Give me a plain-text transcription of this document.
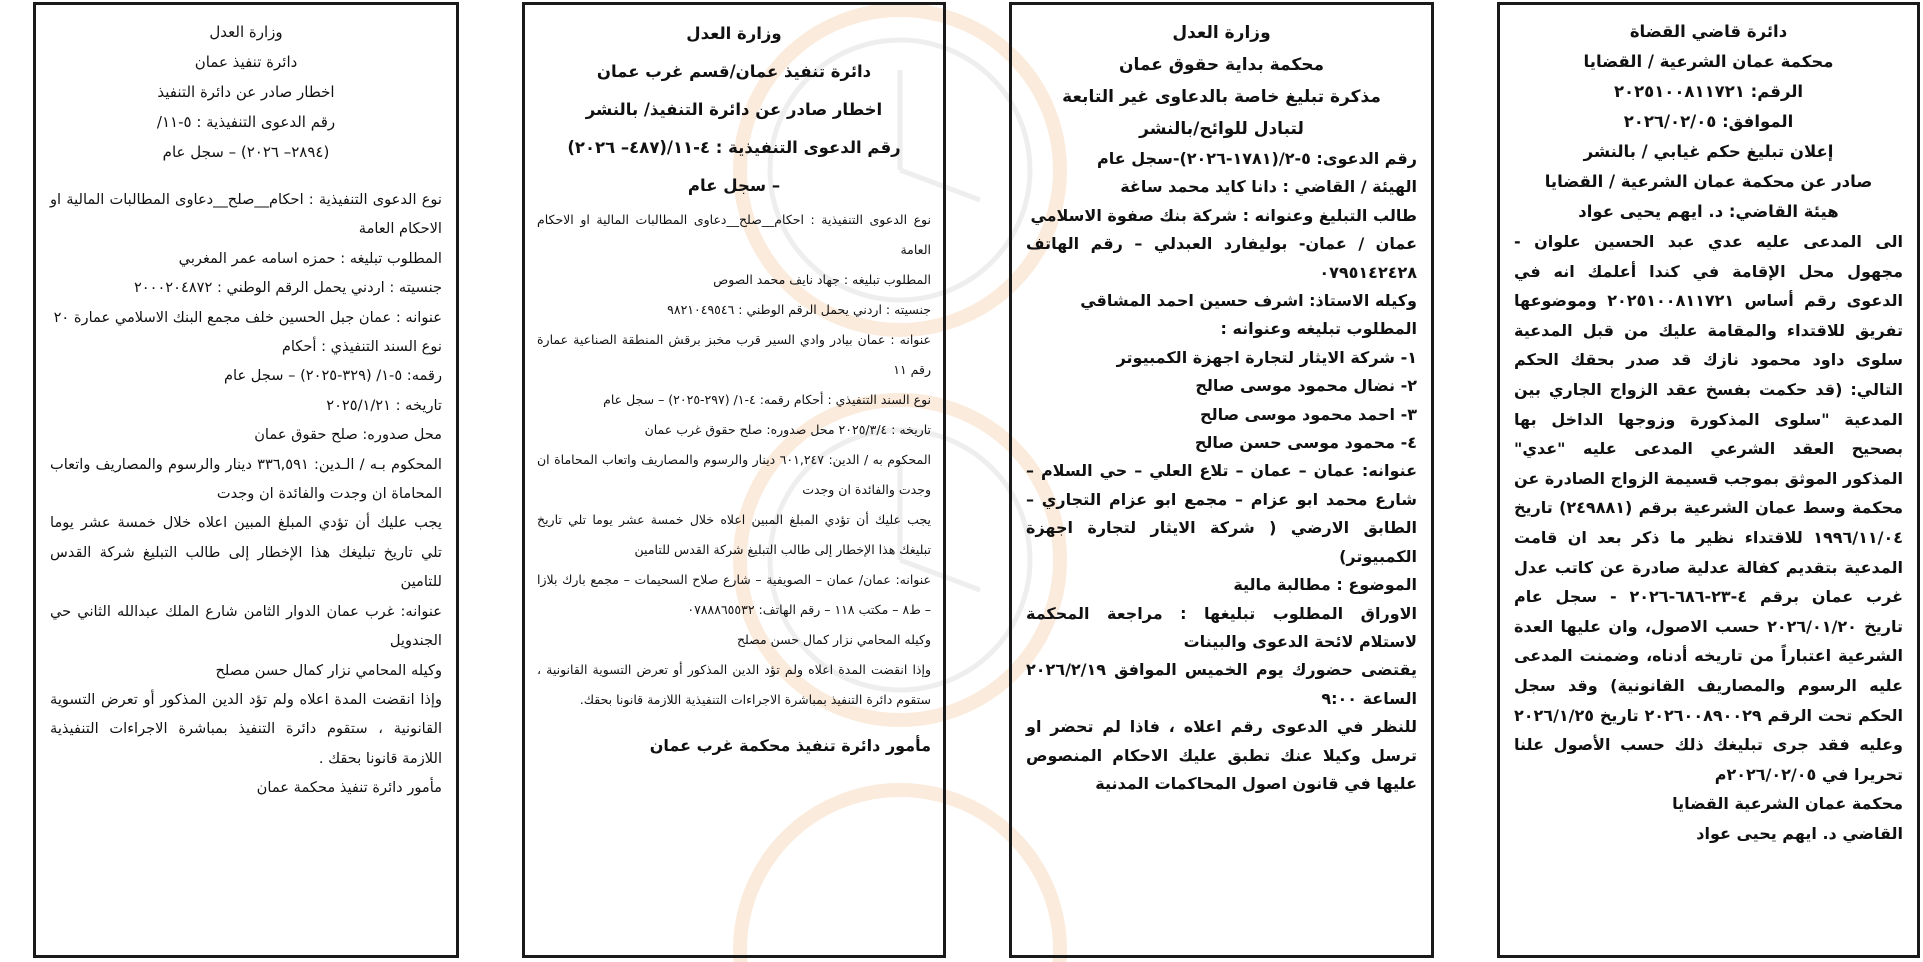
دائرة قاضي القضاة

محكمة عمان الشرعية / القضايا

الرقم: ٢٠٢٥١٠٠٨١١٧٢١

الموافق: ٢٠٢٦/٠٢/٠٥

إعلان تبليغ حكم غيابي / بالنشر

صادر عن محكمة عمان الشرعية / القضايا

هيئة القاضي: د. ايهم يحيى عواد

الى المدعى عليه عدي عبد الحسين علوان - مجهول محل الإقامة في كندا أعلمك انه في الدعوى رقم أساس ٢٠٢٥١٠٠٨١١٧٢١ وموضوعها تفريق للاقتداء والمقامة عليك من قبل المدعية سلوى داود محمود نازك قد صدر بحقك الحكم التالي: (قد حكمت بفسخ عقد الزواج الجاري بين المدعية "سلوى المذكورة وزوجها الداخل بها بصحيح العقد الشرعي المدعى عليه "عدي" المذكور الموثق بموجب قسيمة الزواج الصادرة عن محكمة وسط عمان الشرعية برقم (٢٤٩٨٨١) تاريخ ١٩٩٦/١١/٠٤ للاقتداء نظير ما ذكر بعد ان قامت المدعية بتقديم كفالة عدلية صادرة عن كاتب عدل غرب عمان برقم ٤-٢٣-٦٨٦-٢٠٢٦ - سجل عام تاريخ ٢٠٢٦/٠١/٢٠ حسب الاصول، وان عليها العدة الشرعية اعتباراً من تاريخه أدناه، وضمنت المدعى عليه الرسوم والمصاريف القانونية) وقد سجل الحكم تحت الرقم ٢٠٢٦٠٠٨٩٠٠٢٩ تاريخ ٢٠٢٦/١/٢٥ وعليه فقد جرى تبليغك ذلك حسب الأصول علنا تحريرا في ٢٠٢٦/٠٢/٠٥م

محكمة عمان الشرعية القضايا

القاضي د. ايهم يحيى عواد

وزارة العدل

محكمة بداية حقوق عمان

مذكرة تبليغ خاصة بالدعاوى غير التابعة

لتبادل للوائح/بالنشر

رقم الدعوى: ٥-٢/(١٧٨١-٢٠٢٦)-سجل عام

الهيئة / القاضي : دانا كايد محمد ساغة

طالب التبليغ وعنوانه : شركة بنك صفوة الاسلامي

عمان / عمان- بوليفارد العبدلي – رقم الهاتف ٠٧٩٥١٤٢٤٢٨

وكيله الاستاذ: اشرف حسين احمد المشاقي

المطلوب تبليغه وعنوانه :

١- شركة الايثار لتجارة اجهزة الكمبيوتر

٢- نضال محمود موسى صالح

٣- احمد محمود موسى صالح

٤- محمود موسى حسن صالح

عنوانه: عمان – عمان – تلاع العلي – حي السلام – شارع محمد ابو عزام – مجمع ابو عزام التجاري – الطابق الارضي ( شركة الايثار لتجارة اجهزة الكمبيوتر)

الموضوع : مطالبة مالية

الاوراق المطلوب تبليغها : مراجعة المحكمة لاستلام لائحة الدعوى والبينات

يقتضى حضورك يوم الخميس الموافق ٢٠٢٦/٢/١٩ الساعة ٩:٠٠

للنظر في الدعوى رقم اعلاه ، فاذا لم تحضر او ترسل وكيلا عنك تطبق عليك الاحكام المنصوص عليها في قانون اصول المحاكمات المدنية

وزارة العدل

دائرة تنفيذ عمان/قسم غرب عمان

اخطار صادر عن دائرة التنفيذ/ بالنشر

رقم الدعوى التنفيذية : ٤-١١/(٤٨٧– ٢٠٢٦)

– سجل عام

نوع الدعوى التنفيذية : احكام__صلح__دعاوى المطالبات المالية او الاحكام العامة

المطلوب تبليغه : جهاد نايف محمد الصوص

جنسيته : اردني يحمل الرقم الوطني : ٩٨٢١٠٤٩٥٤٦

عنوانه : عمان بيادر وادي السير قرب مخبز برقش المنطقة الصناعية عمارة رقم ١١

نوع السند التنفيذي : أحكام رقمه: ٤-١/ (٢٩٧-٢٠٢٥) – سجل عام

تاريخه : ٢٠٢٥/٣/٤ محل صدوره: صلح حقوق غرب عمان

المحكوم به / الدين: ٦٠١,٢٤٧ دينار والرسوم والمصاريف واتعاب المحاماة ان وجدت والفائدة ان وجدت

يجب عليك أن تؤدي المبلغ المبين اعلاه خلال خمسة عشر يوما تلي تاريخ تبليغك هذا الإخطار إلى طالب التبليغ شركة القدس للتامين

عنوانه: عمان/ عمان – الصويفية – شارع صلاح السحيمات – مجمع بارك بلازا – ط٨ – مكتب ١١٨ – رقم الهاتف: ٠٧٨٨٨٦٥٥٣٢

وكيله المحامي نزار كمال حسن مصلح

وإذا انقضت المدة اعلاه ولم تؤد الدين المذكور أو تعرض التسوية القانونية ، ستقوم دائرة التنفيذ بمباشرة الاجراءات التنفيذية اللازمة قانونا بحقك.

مأمور دائرة تنفيذ محكمة غرب عمان

وزارة العدل

دائرة تنفيذ عمان

اخطار صادر عن دائرة التنفيذ

رقم الدعوى التنفيذية : ٥-١١/

(٢٨٩٤– ٢٠٢٦) – سجل عام

نوع الدعوى التنفيذية : احكام__صلح__دعاوى المطالبات المالية او الاحكام العامة

المطلوب تبليغه : حمزه اسامه عمر المغربي

جنسيته : اردني يحمل الرقم الوطني : ٢٠٠٠٢٠٤٨٧٢

عنوانه : عمان جبل الحسين خلف مجمع البنك الاسلامي عمارة ٢٠

نوع السند التنفيذي : أحكام

رقمه: ٥-١/ (٣٢٩-٢٠٢٥) – سجل عام

تاريخه : ٢٠٢٥/١/٢١

محل صدوره: صلح حقوق عمان

المحكوم بـه / الـدين: ٣٣٦,٥٩١ دينار والرسوم والمصاريف واتعاب المحاماة ان وجدت والفائدة ان وجدت

يجب عليك أن تؤدي المبلغ المبين اعلاه خلال خمسة عشر يوما تلي تاريخ تبليغك هذا الإخطار إلى طالب التبليغ شركة القدس للتامين

عنوانه: غرب عمان الدوار الثامن شارع الملك عبدالله الثاني حي الجندويل

وكيله المحامي نزار كمال حسن مصلح

وإذا انقضت المدة اعلاه ولم تؤد الدين المذكور أو تعرض التسوية القانونية ، ستقوم دائرة التنفيذ بمباشرة الاجراءات التنفيذية اللازمة قانونا بحقك .

مأمور دائرة تنفيذ محكمة عمان
